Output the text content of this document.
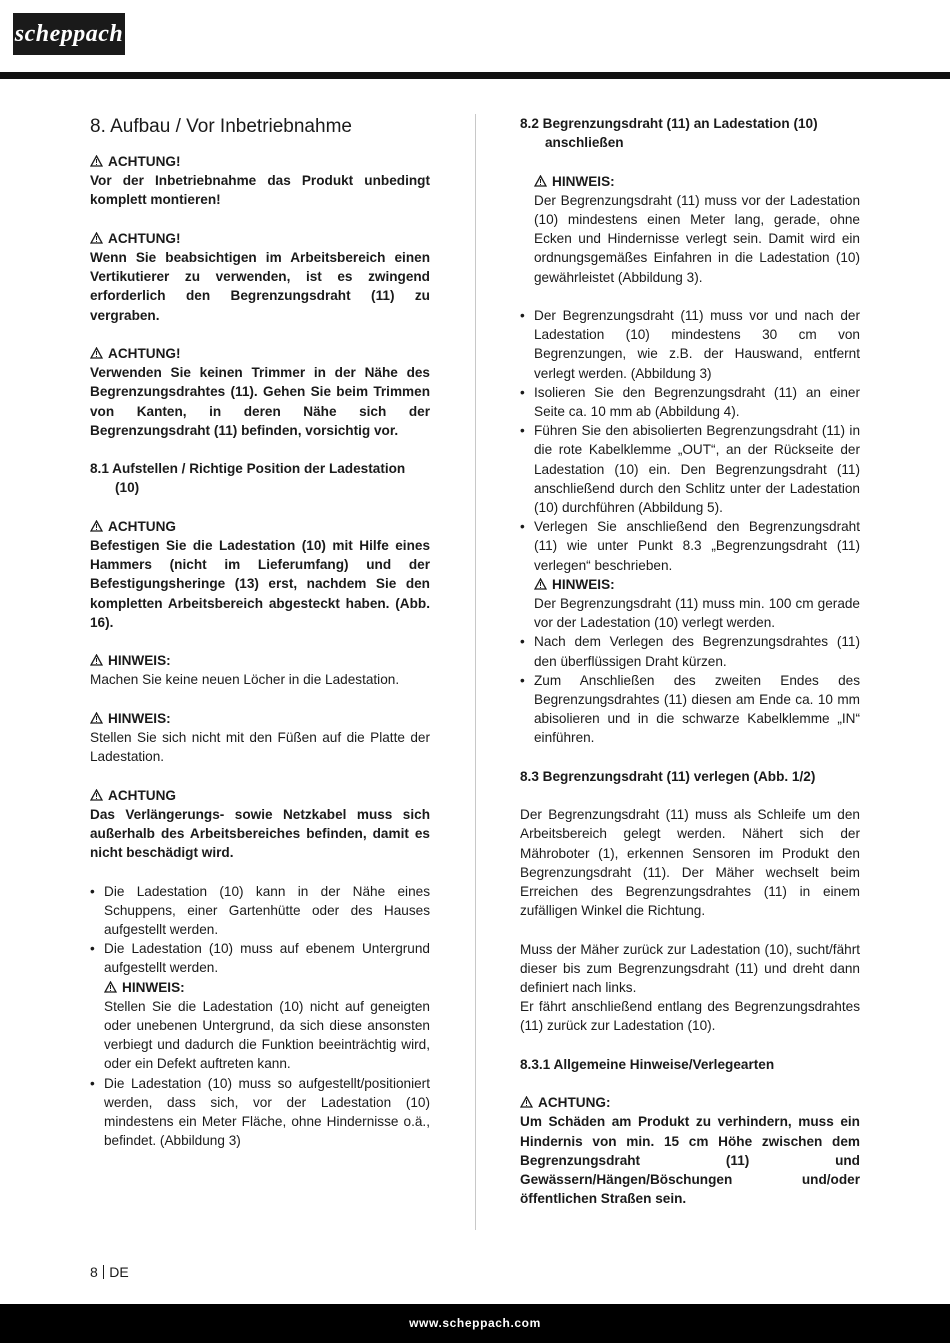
scheppach
8. Aufbau / Vor Inbetriebnahme
ACHTUNG!

Vor der Inbetriebnahme das Produkt unbedingt komplett montieren!

ACHTUNG!

Wenn Sie beabsichtigen im Arbeitsbereich einen Vertikutierer zu verwenden, ist es zwingend erforderlich den Begrenzungsdraht (11) zu vergraben.

ACHTUNG!

Verwenden Sie keinen Trimmer in der Nähe des Begrenzungsdrahtes (11). Gehen Sie beim Trimmen von Kanten, in deren Nähe sich der Begrenzungsdraht (11) befinden, vorsichtig vor.

8.1 Aufstellen / Richtige Position der Ladestation (10)
ACHTUNG

Befestigen Sie die Ladestation (10) mit Hilfe eines Hammers (nicht im Lieferumfang) und der Befestigungsheringe (13) erst, nachdem Sie den kompletten Arbeitsbereich abgesteckt haben. (Abb. 16).

HINWEIS:

Machen Sie keine neuen Löcher in die Ladestation.

HINWEIS:

Stellen Sie sich nicht mit den Füßen auf die Platte der Ladestation.

ACHTUNG

Das Verlängerungs- sowie Netzkabel muss sich außerhalb des Arbeitsbereiches befinden, damit es nicht beschädigt wird.

• Die Ladestation (10) kann in der Nähe eines Schuppens, einer Gartenhütte oder des Hauses aufgestellt werden.
• Die Ladestation (10) muss auf ebenem Untergrund aufgestellt werden.
HINWEIS:

Stellen Sie die Ladestation (10) nicht auf geneigten oder unebenen Untergrund, da sich diese ansonsten verbiegt und dadurch die Funktion beeinträchtig wird, oder ein Defekt auftreten kann.

• Die Ladestation (10) muss so aufgestellt/positioniert werden, dass sich, vor der Ladestation (10) mindestens ein Meter Fläche, ohne Hindernisse o.ä., befindet. (Abbildung 3)
8.2 Begrenzungsdraht (11) an Ladestation (10) anschließen
HINWEIS:

Der Begrenzungsdraht (11) muss vor der Ladestation (10) mindestens einen Meter lang, gerade, ohne Ecken und Hindernisse verlegt sein. Damit wird ein ordnungsgemäßes Einfahren in die Ladestation (10) gewährleistet (Abbildung 3).

• Der Begrenzungsdraht (11) muss vor und nach der Ladestation (10) mindestens 30 cm von Begrenzungen, wie z.B. der Hauswand, entfernt verlegt werden. (Abbildung 3)
• Isolieren Sie den Begrenzungsdraht (11) an einer Seite ca. 10 mm ab (Abbildung 4).
• Führen Sie den abisolierten Begrenzungsdraht (11) in die rote Kabelklemme „OUT“, an der Rückseite der Ladestation (10) ein. Den Begrenzungsdraht (11) anschließend durch den Schlitz unter der Ladestation (10) durchführen (Abbildung 5).
• Verlegen Sie anschließend den Begrenzungsdraht (11) wie unter Punkt 8.3 „Begrenzungsdraht (11) verlegen“ beschrieben.
HINWEIS:

Der Begrenzungsdraht (11) muss min. 100 cm gerade vor der Ladestation (10) verlegt werden.

• Nach dem Verlegen des Begrenzungsdrahtes (11) den überflüssigen Draht kürzen.
• Zum Anschließen des zweiten Endes des Begrenzungsdrahtes (11) diesen am Ende ca. 10 mm abisolieren und in die schwarze Kabelklemme „IN“ einführen.
8.3 Begrenzungsdraht (11) verlegen (Abb. 1/2)

Der Begrenzungsdraht (11) muss als Schleife um den Arbeitsbereich gelegt werden. Nähert sich der Mähroboter (1), erkennen Sensoren im Produkt den Begrenzungsdraht (11). Der Mäher wechselt beim Erreichen des Begrenzungsdrahtes (11) in einem zufälligen Winkel die Richtung.

Muss der Mäher zurück zur Ladestation (10), sucht/fährt dieser bis zum Begrenzungsdraht (11) und dreht dann definiert nach links.

Er fährt anschließend entlang des Begrenzungsdrahtes (11) zurück zur Ladestation (10).

8.3.1 Allgemeine Hinweise/Verlegearten
ACHTUNG:

Um Schäden am Produkt zu verhindern, muss ein Hindernis von min. 15 cm Höhe zwischen dem Begrenzungsdraht (11) und Gewässern/Hängen/Böschungen und/oder öffentlichen Straßen sein.

8 DE
www.scheppach.com
